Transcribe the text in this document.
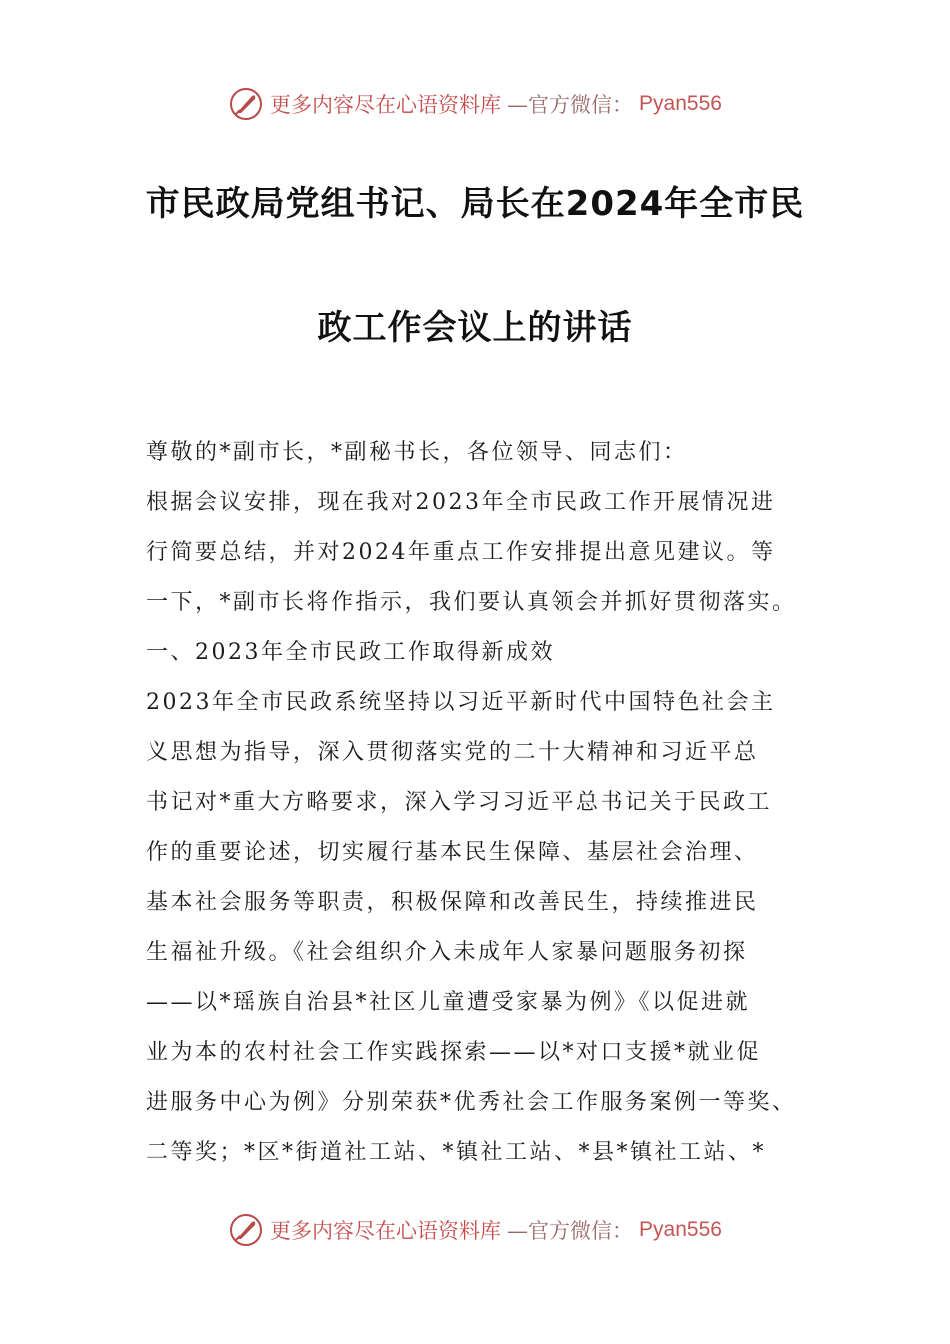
更多内容尽在心语资料库 —官方微信： Pyan556
市民政局党组书记、局长在2024年全市民
政工作会议上的讲话
尊敬的*副市长，*副秘书长，各位领导、同志们：
根据会议安排，现在我对2023年全市民政工作开展情况进
行简要总结，并对2024年重点工作安排提出意见建议。等
一下，*副市长将作指示，我们要认真领会并抓好贯彻落实。
一、2023年全市民政工作取得新成效
2023年全市民政系统坚持以习近平新时代中国特色社会主
义思想为指导，深入贯彻落实党的二十大精神和习近平总
书记对*重大方略要求，深入学习习近平总书记关于民政工
作的重要论述，切实履行基本民生保障、基层社会治理、
基本社会服务等职责，积极保障和改善民生，持续推进民
生福祉升级。《社会组织介入未成年人家暴问题服务初探
——以*瑶族自治县*社区儿童遭受家暴为例》《以促进就
业为本的农村社会工作实践探索——以*对口支援*就业促
进服务中心为例》分别荣获*优秀社会工作服务案例一等奖、
二等奖；*区*街道社工站、*镇社工站、*县*镇社工站、*
更多内容尽在心语资料库 —官方微信： Pyan556
